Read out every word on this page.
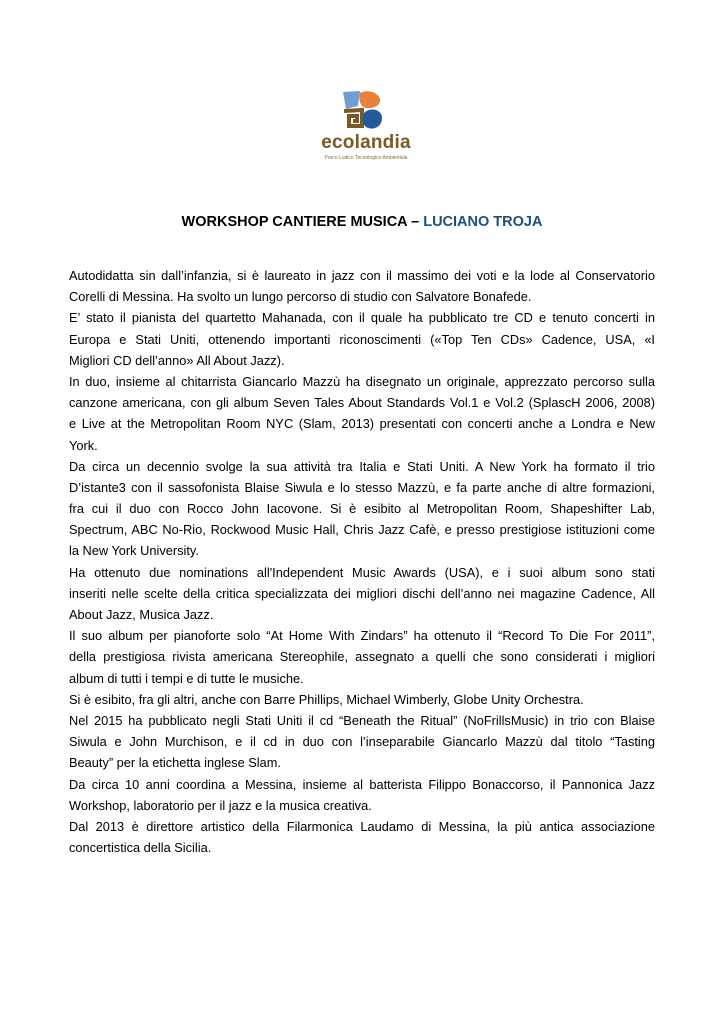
ecolandia
Parco Ludico Tecnologico Ambientale
WORKSHOP CANTIERE MUSICA – LUCIANO TROJA
Autodidatta sin dall’infanzia, si è laureato in jazz con il massimo dei voti e la lode al Conservatorio
Corelli di Messina. Ha svolto un lungo percorso di studio con Salvatore Bonafede.
E’ stato il pianista del quartetto Mahanada, con il quale ha pubblicato tre CD e tenuto concerti in
Europa e Stati Uniti, ottenendo importanti riconoscimenti («Top Ten CDs» Cadence, USA, «I
Migliori CD dell’anno» All About Jazz).
In duo, insieme al chitarrista Giancarlo Mazzù ha disegnato un originale, apprezzato percorso sulla
canzone americana, con gli album Seven Tales About Standards Vol.1 e Vol.2 (SplascH 2006, 2008)
e Live at the Metropolitan Room NYC (Slam, 2013) presentati con concerti anche a Londra e New
York.
Da circa un decennio svolge la sua attività tra Italia e Stati Uniti. A New York ha formato il trio
D’istante3 con il sassofonista Blaise Siwula e lo stesso Mazzù, e fa parte anche di altre formazioni,
fra cui il duo con Rocco John Iacovone. Si è esibito al Metropolitan Room, Shapeshifter Lab,
Spectrum, ABC No-Rio, Rockwood Music Hall, Chris Jazz Cafè, e presso prestigiose istituzioni come
la New York University.
Ha ottenuto due nominations all'Independent Music Awards (USA), e i suoi album sono stati
inseriti nelle scelte della critica specializzata dei migliori dischi dell’anno nei magazine Cadence, All
About Jazz, Musica Jazz.
Il suo album per pianoforte solo “At Home With Zindars” ha ottenuto il “Record To Die For 2011”,
della prestigiosa rivista americana Stereophile, assegnato a quelli che sono considerati i migliori
album di tutti i tempi e di tutte le musiche.
Si è esibito, fra gli altri, anche con Barre Phillips, Michael Wimberly, Globe Unity Orchestra.
Nel 2015 ha pubblicato negli Stati Uniti il cd “Beneath the Ritual” (NoFrillsMusic) in trio con Blaise
Siwula e John Murchison, e il cd in duo con l’inseparabile Giancarlo Mazzù dal titolo “Tasting
Beauty” per la etichetta inglese Slam.
Da circa 10 anni coordina a Messina, insieme al batterista Filippo Bonaccorso, il Pannonica Jazz
Workshop, laboratorio per il jazz e la musica creativa.
Dal 2013 è direttore artistico della Filarmonica Laudamo di Messina, la più antica associazione
concertistica della Sicilia.
